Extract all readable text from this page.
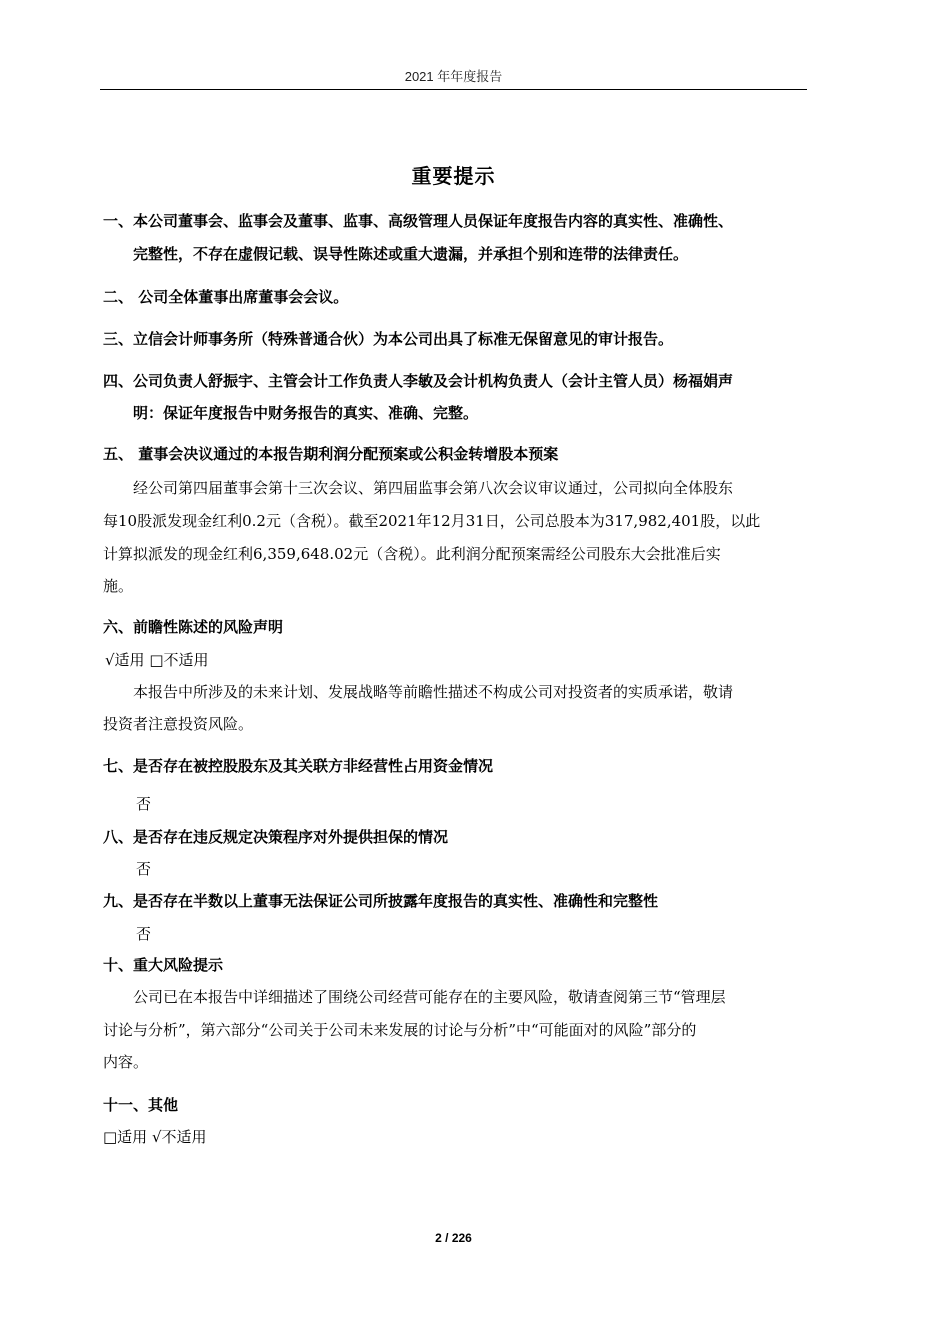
2021 年年度报告
重要提示
一、本公司董事会、监事会及董事、监事、高级管理人员保证年度报告内容的真实性、准确性、
完整性，不存在虚假记载、误导性陈述或重大遗漏，并承担个别和连带的法律责任。
二、 公司全体董事出席董事会会议。
三、立信会计师事务所（特殊普通合伙）为本公司出具了标准无保留意见的审计报告。
四、公司负责人舒振宇、主管会计工作负责人李敏及会计机构负责人（会计主管人员）杨福娟声
明：保证年度报告中财务报告的真实、准确、完整。
五、 董事会决议通过的本报告期利润分配预案或公积金转增股本预案
经公司第四届董事会第十三次会议、第四届监事会第八次会议审议通过，公司拟向全体股东
每10股派发现金红利0.2元（含税）。截至2021年12月31日，公司总股本为317,982,401股，以此
计算拟派发的现金红利6,359,648.02元（含税）。此利润分配预案需经公司股东大会批准后实
施。
六、前瞻性陈述的风险声明
√适用 □不适用
本报告中所涉及的未来计划、发展战略等前瞻性描述不构成公司对投资者的实质承诺，敬请
投资者注意投资风险。
七、是否存在被控股股东及其关联方非经营性占用资金情况
否
八、是否存在违反规定决策程序对外提供担保的情况
否
九、是否存在半数以上董事无法保证公司所披露年度报告的真实性、准确性和完整性
否
十、重大风险提示
公司已在本报告中详细描述了围绕公司经营可能存在的主要风险，敬请查阅第三节“管理层
讨论与分析”，第六部分“公司关于公司未来发展的讨论与分析”中“可能面对的风险”部分的
内容。
十一、其他
□适用 √不适用
2 / 226
